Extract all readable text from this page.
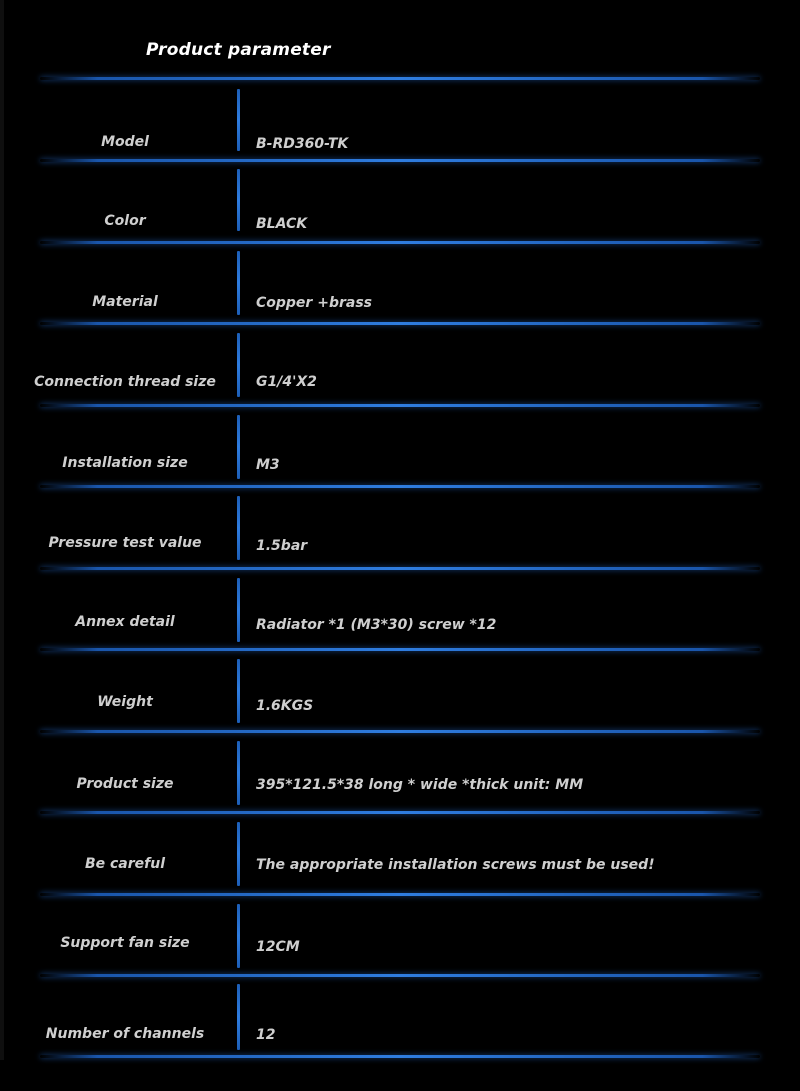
Product parameter
Model	B-RD360-TK
Color	BLACK
Material	Copper +brass
Connection thread size	G1/4'X2
Installation size	M3
Pressure test value	1.5bar
Annex detail	Radiator *1 (M3*30) screw *12
Weight	1.6KGS
Product size	395*121.5*38 long * wide *thick unit: MM
Be careful	The appropriate installation screws must be used!
Support fan size	12CM
Number of channels	12
